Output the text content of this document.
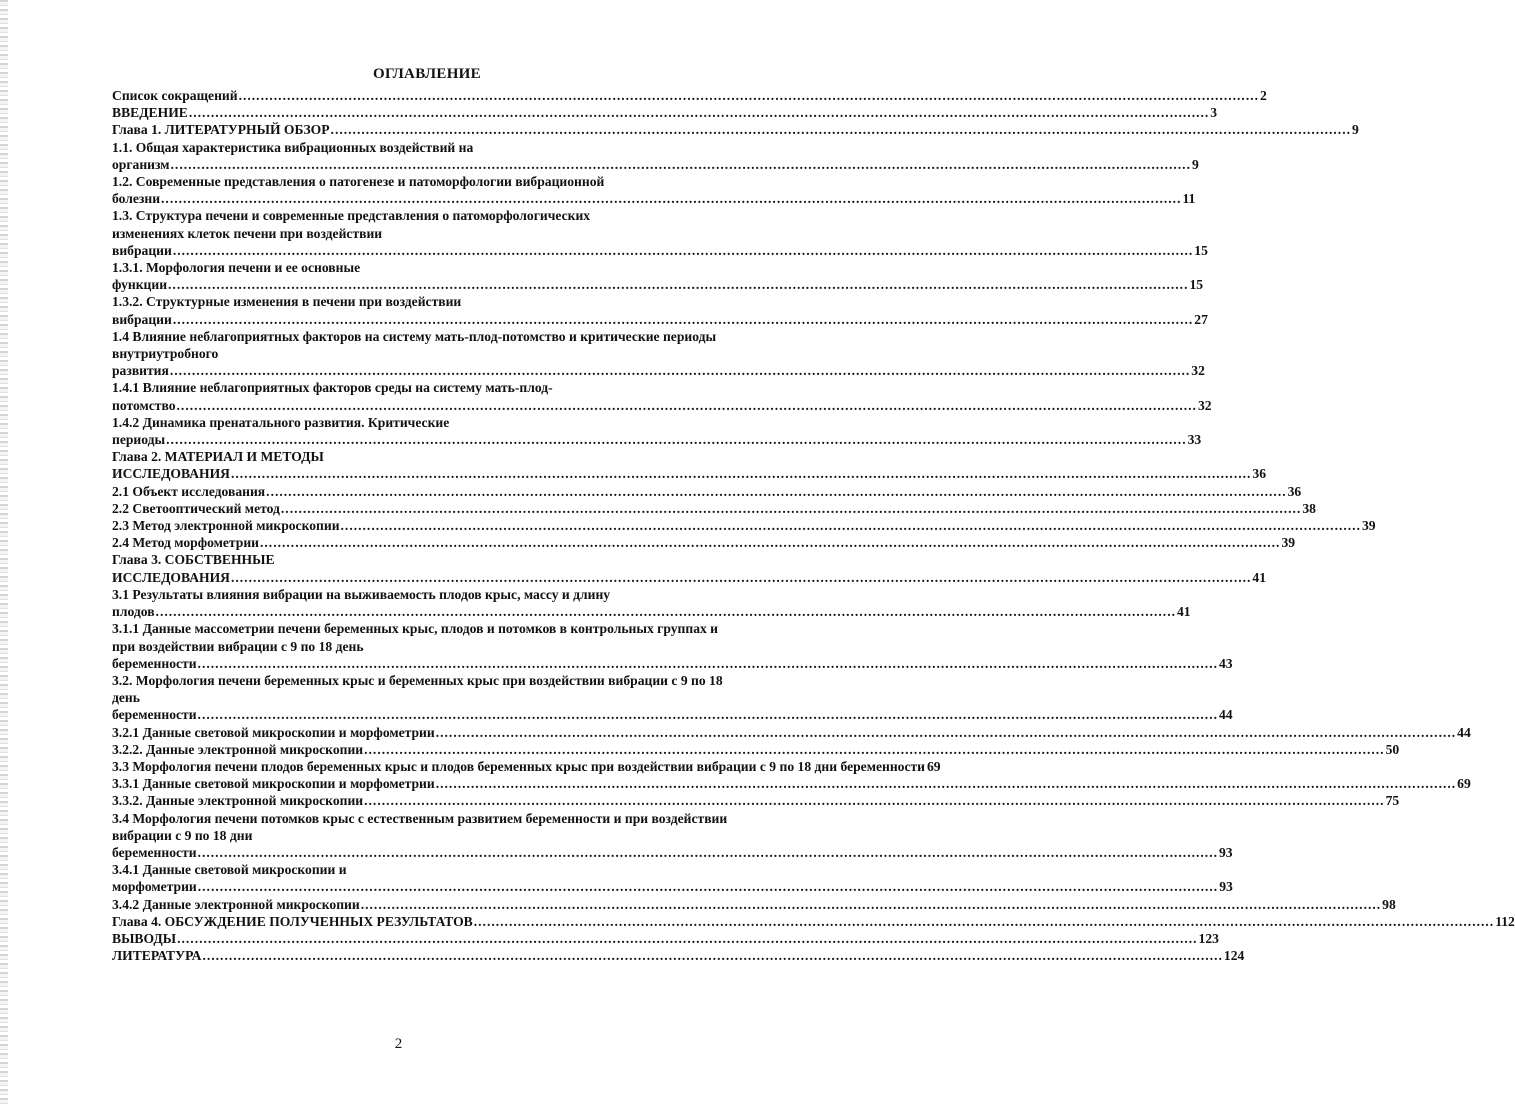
ОГЛАВЛЕНИЕ
Список сокращений .....	2
ВВЕДЕНИЕ .....	3
Глава 1. ЛИТЕРАТУРНЫЙ ОБЗОР .....	9
1.1. Общая характеристика вибрационных воздействий на
организм .....	9
1.2. Современные представления о патогенезе и патоморфологии вибрационной
болезни .....	11
1.3. Структура печени и современные представления о патоморфологических
изменениях клеток печени при воздействии
вибрации .....	15
1.3.1. Морфология печени и ее основные
функции .....	15
1.3.2. Структурные изменения в печени при воздействии
вибрации .....	27
1.4 Влияние неблагоприятных факторов на систему мать-плод-потомство и критические периоды внутриутробного
развития .....	32
1.4.1 Влияние неблагоприятных факторов среды на систему мать-плод-
потомство .....	32
1.4.2 Динамика пренатального развития. Критические
периоды .....	33
Глава 2. МАТЕРИАЛ И МЕТОДЫ
ИССЛЕДОВАНИЯ .....	36
2.1 Объект исследования .....	36
2.2 Светооптический метод .....	38
2.3 Метод электронной микроскопии .....	39
2.4 Метод морфометрии .....	39
Глава 3. СОБСТВЕННЫЕ
ИССЛЕДОВАНИЯ .....	41
3.1 Результаты влияния вибрации на выживаемость плодов крыс, массу и длину
плодов .....	41
3.1.1 Данные массометрии печени беременных крыс, плодов и потомков в контрольных группах и при воздействии вибрации с 9 по 18 день
беременности .....	43
3.2. Морфология печени беременных крыс и беременных крыс при воздействии вибрации с 9 по 18 день
беременности .....	44
3.2.1 Данные световой микроскопии и морфометрии .....	44
3.2.2. Данные электронной микроскопии .....	50
3.3 Морфология печени плодов беременных крыс и плодов беременных крыс при воздействии вибрации с 9 по 18 дни беременности 69
3.3.1 Данные световой микроскопии и морфометрии .....	69
3.3.2. Данные электронной микроскопии .....	75
3.4 Морфология печени потомков крыс с естественным развитием беременности и при воздействии вибрации с 9 по 18 дни
беременности .....	93
3.4.1 Данные световой микроскопии и
морфометрии .....	93
3.4.2 Данные электронной микроскопии .....	98
Глава 4. ОБСУЖДЕНИЕ ПОЛУЧЕННЫХ РЕЗУЛЬТАТОВ .....	112
ВЫВОДЫ .....	123
ЛИТЕРАТУРА .....	124
2
